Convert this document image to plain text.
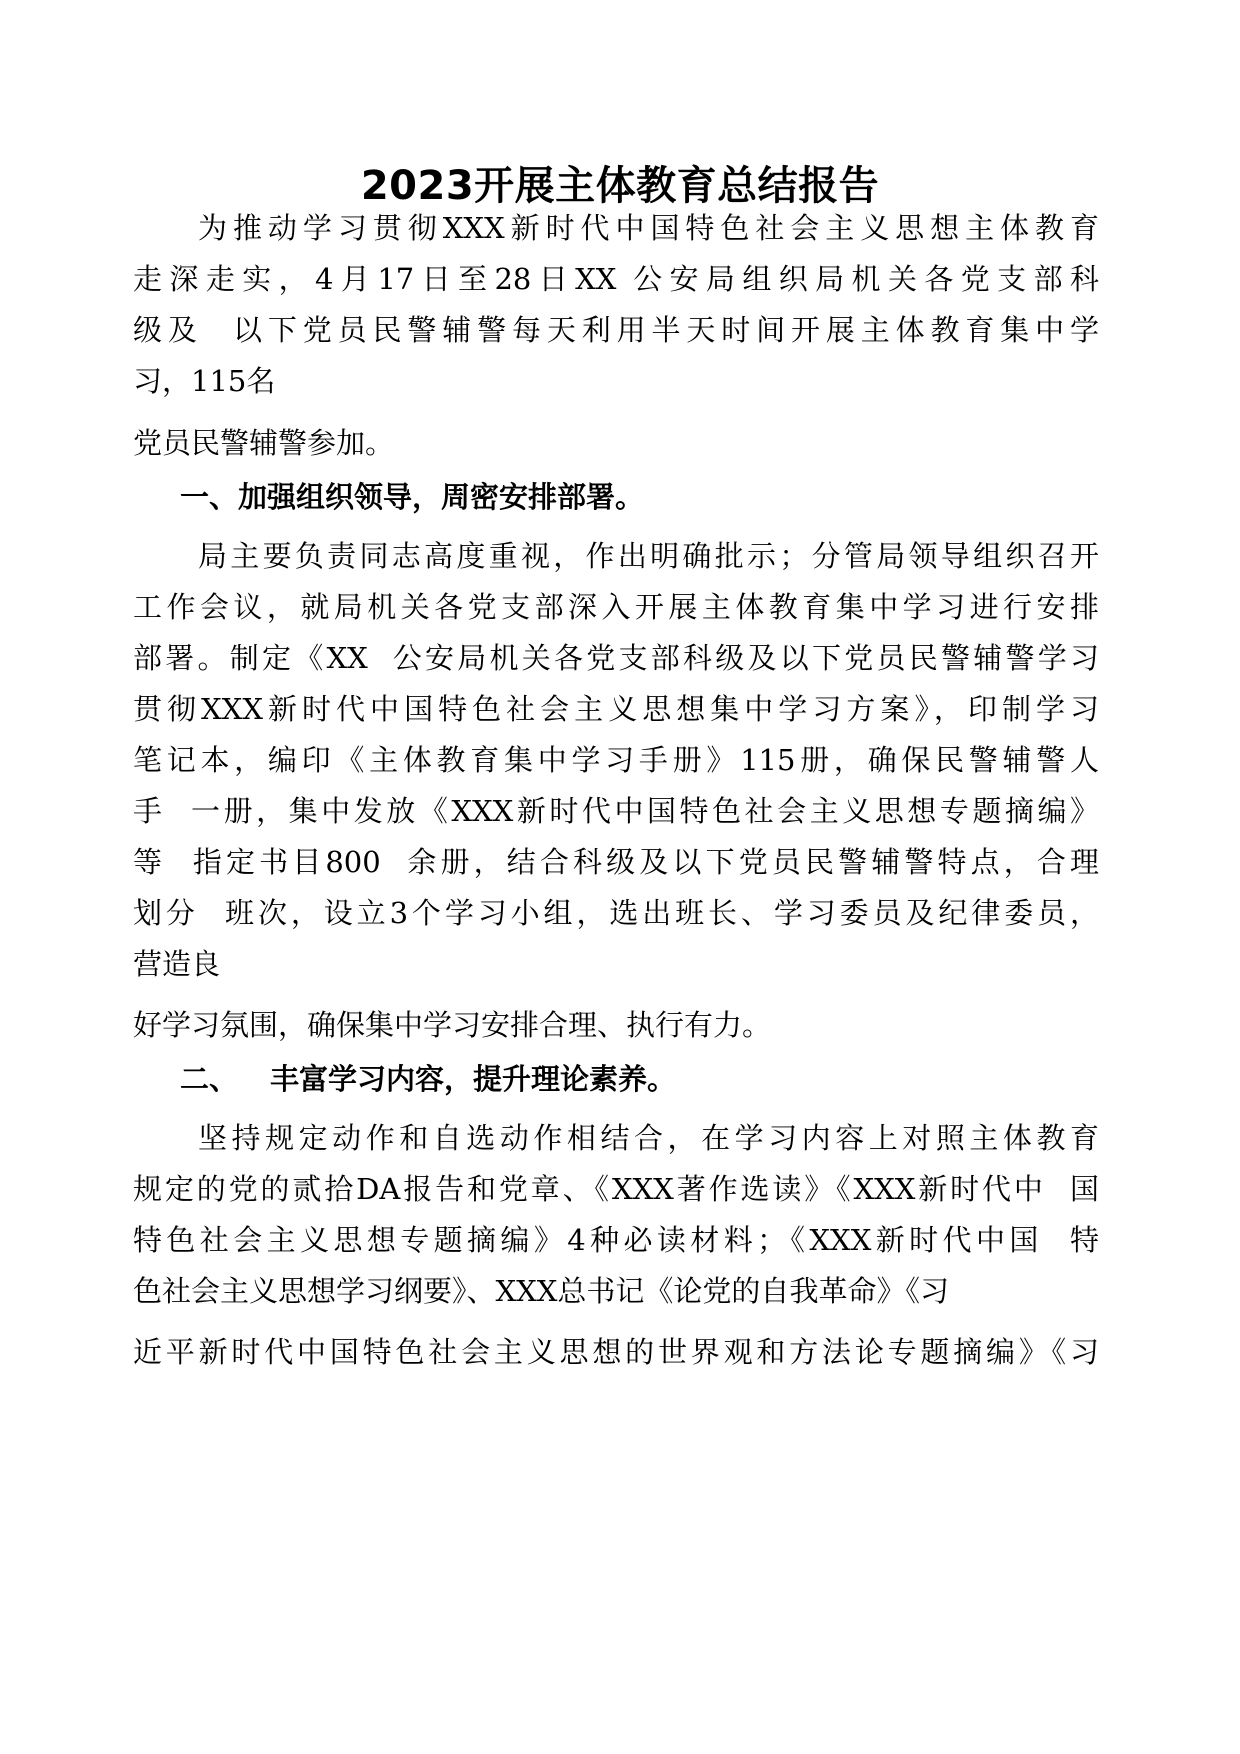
2023开展主体教育总结报告
为推动学习贯彻XXX新时代中国特色社会主义思想主体教育
走深走实，4月17日至28日XX 公安局组织局机关各党支部科
级及  以下党员民警辅警每天利用半天时间开展主体教育集中学
习，115名
党员民警辅警参加。
一、加强组织领导，周密安排部署。
局主要负责同志高度重视，作出明确批示；分管局领导组织召开
工作会议，就局机关各党支部深入开展主体教育集中学习进行安排
部署。制定《XX  公安局机关各党支部科级及以下党员民警辅警学习
贯彻XXX新时代中国特色社会主义思想集中学习方案》，印制学习
笔记本，编印《主体教育集中学习手册》115册，确保民警辅警人
手  一册，集中发放《XXX新时代中国特色社会主义思想专题摘编》
等  指定书目800  余册，结合科级及以下党员民警辅警特点，合理
划分  班次，设立3个学习小组，选出班长、学习委员及纪律委员，
营造良
好学习氛围，确保集中学习安排合理、执行有力。
二、 丰富学习内容，提升理论素养。
坚持规定动作和自选动作相结合，在学习内容上对照主体教育
规定的党的贰拾DA报告和党章、《XXX著作选读》《XXX新时代中  国
特色社会主义思想专题摘编》4种必读材料；《XXX新时代中国  特
色社会主义思想学习纲要》、XXX总书记《论党的自我革命》《习
近平新时代中国特色社会主义思想的世界观和方法论专题摘编》《习
